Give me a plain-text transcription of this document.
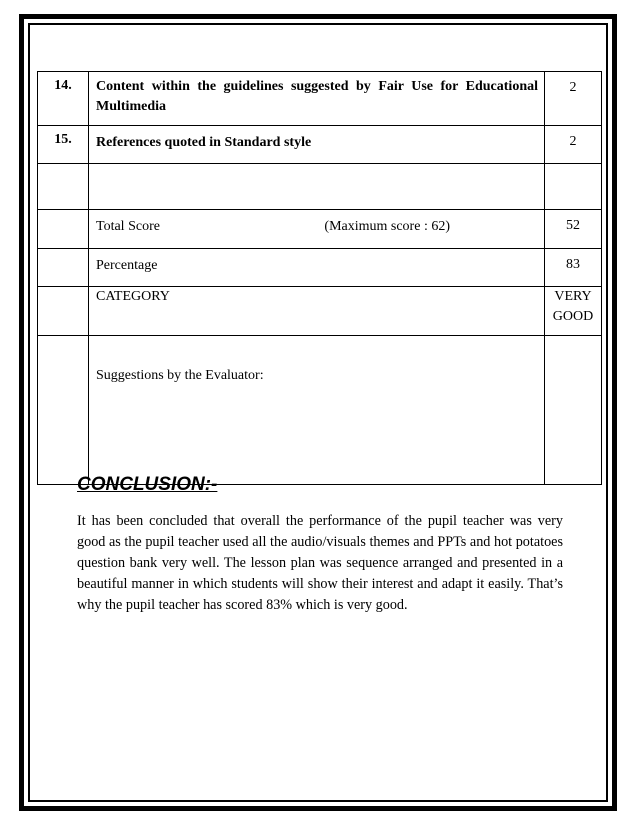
14.	Content within the guidelines suggested by Fair Use for Educational Multimedia	2
15.	References quoted in Standard style	2

	Total Score (Maximum score : 62)	52
	Percentage	83
	CATEGORY	VERY
GOOD

	Suggestions by the Evaluator:	
CONCLUSION:-
It has been concluded that overall the performance of the pupil teacher was very good as the pupil teacher used all the audio/visuals themes and PPTs and hot potatoes question bank very well. The lesson plan was sequence arranged and presented in a beautiful manner in which students will show their interest and adapt it easily. That’s why the pupil teacher has scored 83% which is very good.
